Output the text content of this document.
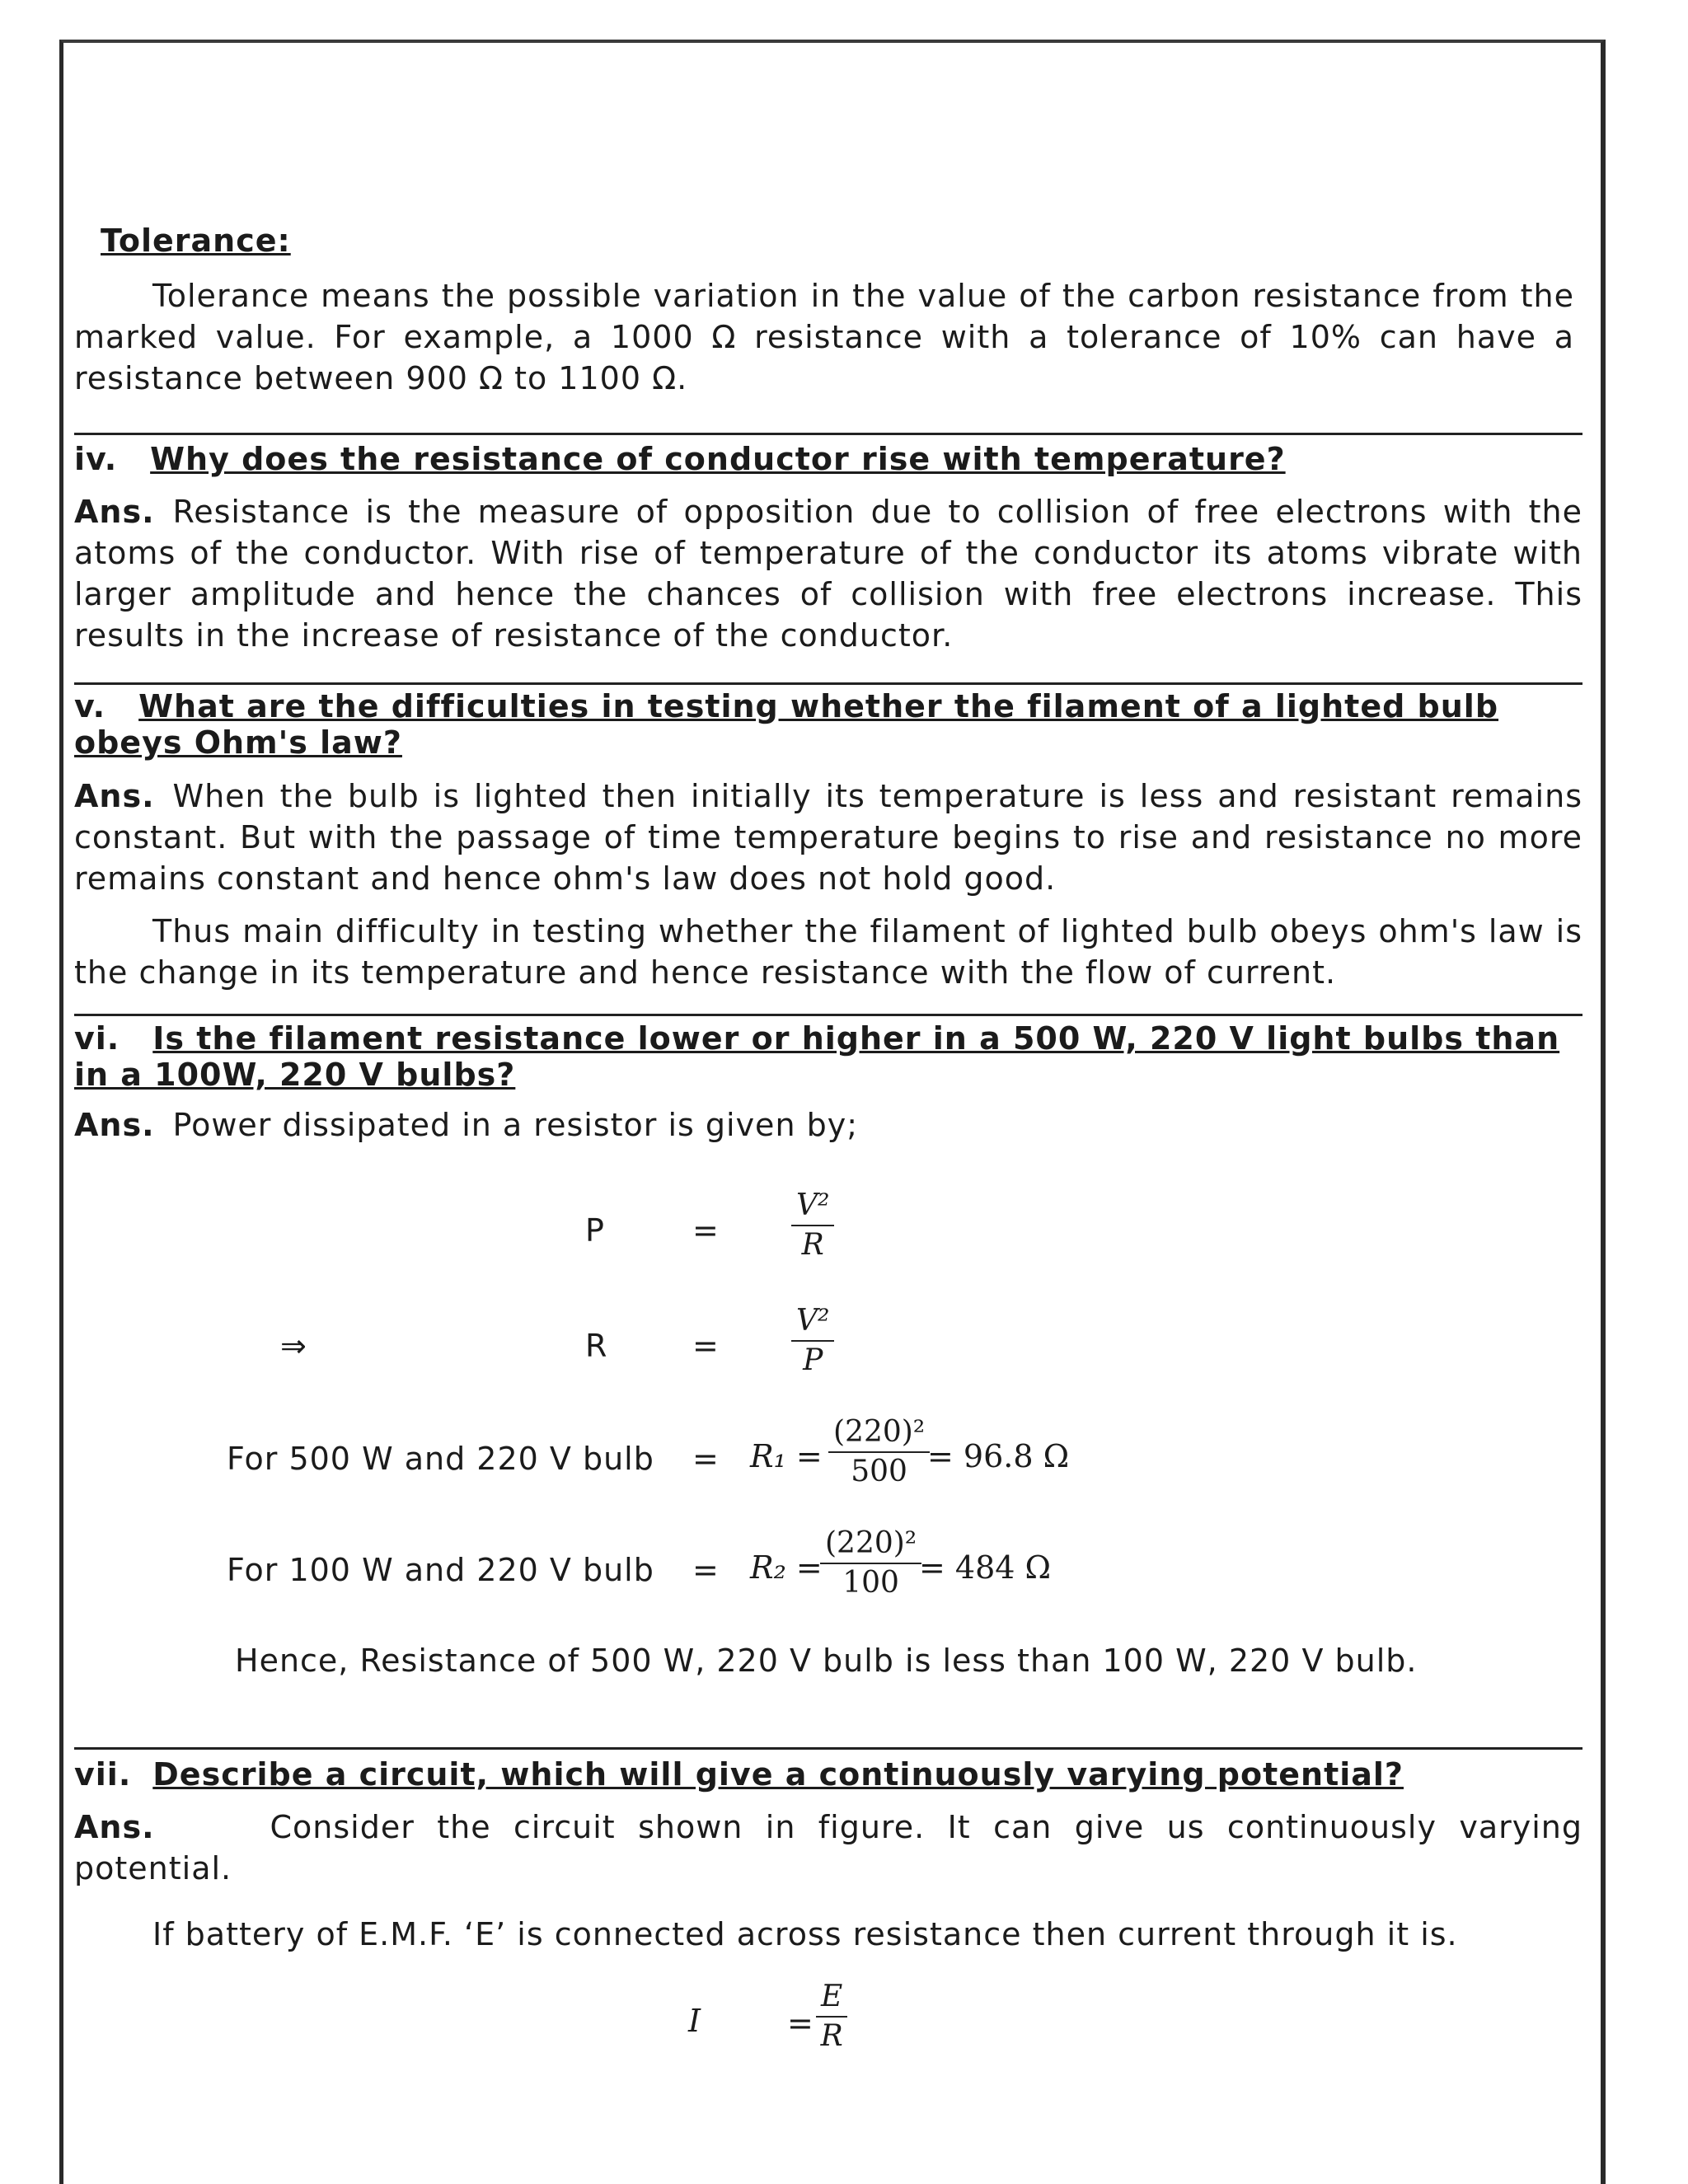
Tolerance:
Tolerance means the possible variation in the value of the carbon resistance from the marked value. For example, a 1000 Ω resistance with a tolerance of 10% can have a resistance between 900 Ω to 1100 Ω.
iv. Why does the resistance of conductor rise with temperature?
Ans. Resistance is the measure of opposition due to collision of free electrons with the atoms of the conductor. With rise of temperature of the conductor its atoms vibrate with larger amplitude and hence the chances of collision with free electrons increase. This results in the increase of resistance of the conductor.
v. What are the difficulties in testing whether the filament of a lighted bulb obeys Ohm's law?
Ans. When the bulb is lighted then initially its temperature is less and resistant remains constant. But with the passage of time temperature begins to rise and resistance no more remains constant and hence ohm's law does not hold good.
Thus main difficulty in testing whether the filament of lighted bulb obeys ohm's law is the change in its temperature and hence resistance with the flow of current.
vi. Is the filament resistance lower or higher in a 500 W, 220 V light bulbs than in a 100W, 220 V bulbs?
Ans. Power dissipated in a resistor is given by;
P	= $\frac{\text{V²}}{R}$
⇒	R	= $\frac{\text{V²}}{P}$
For 500 W and 220 V bulb = $R_1 = \frac{\text{(220)²}}{500}$
= 96.8 Ω
For 100 W and 220 V bulb = R₂ =
$\frac{\text{(220)²}}{100}$
= 484 Ω
Hence, Resistance of 500 W, 220 V bulb is less than 100 W, 220 V bulb.
vii. Describe a circuit, which will give a continuously varying potential?
Ans.	Consider the circuit shown in figure. It can give us continuously varying potential.
If battery of E.M.F. ‘E’ is connected across resistance then current through it is.
I	= $\frac{E}{R}$
